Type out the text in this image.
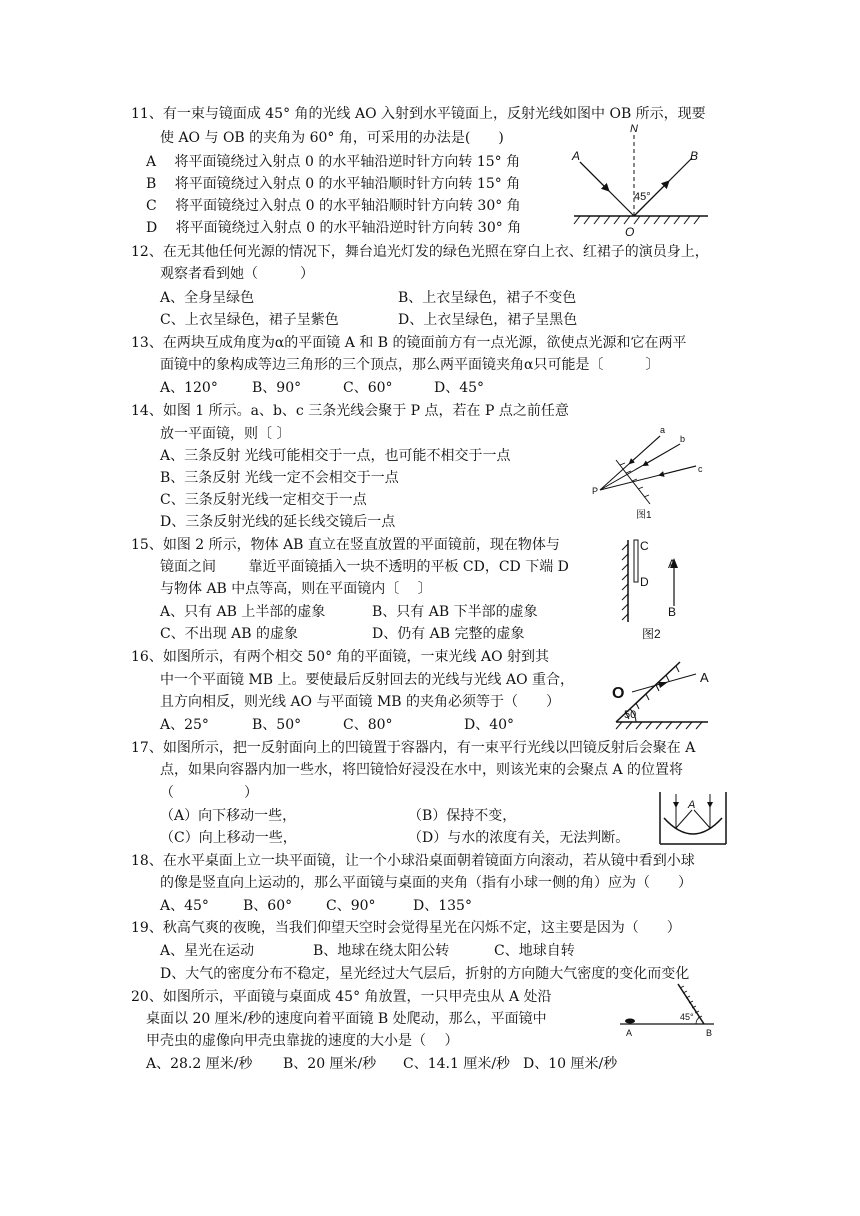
11、有一束与镜面成 45° 角的光线 AO 入射到水平镜面上，反射光线如图中 OB 所示，现要
使 AO 与 OB 的夹角为 60° 角，可采用的办法是(　　)
A　 将平面镜绕过入射点 0 的水平轴沿逆时针方向转 15° 角
B　 将平面镜绕过入射点 0 的水平轴沿顺时针方向转 15° 角
C　 将平面镜绕过入射点 0 的水平轴沿顺时针方向转 30° 角
D　 将平面镜绕过入射点 0 的水平轴沿逆时针方向转 30° 角
N
A	B
45°
O
12、在无其他任何光源的情况下，舞台追光灯发的绿色光照在穿白上衣、红裙子的演员身上，
观察者看到她（　　　）
A、全身呈绿色	B、上衣呈绿色，裙子不变色
C、上衣呈绿色，裙子呈紫色	D、上衣呈绿色，裙子呈黑色
13、在两块互成角度为α的平面镜 A 和 B 的镜面前方有一点光源，欲使点光源和它在两平
面镜中的象构成等边三角形的三个顶点，那么两平面镜夹角α只可能是〔　　　〕
A、120° B、90°	C、60°	D、45°
14、如图 1 所示。a、b、c 三条光线会聚于 P 点，若在 P 点之前任意
放一平面镜，则〔 〕
A、三条反射 光线可能相交于一点，也可能不相交于一点
B、三条反射 光线一定不会相交于一点
C、三条反射光线一定相交于一点
D、三条反射光线的延长线交镜后一点
a
b
c
P
图1
15、如图 2 所示，物体 AB 直立在竖直放置的平面镜前，现在物体与
镜面之间　　 靠近平面镜插入一块不透明的平板 CD，CD 下端 D
与物体 AB 中点等高，则在平面镜内〔　 〕
A、只有 AB 上半部的虚象	B、只有 AB 下半部的虚象
C、不出现 AB 的虚象	D、仍有 AB 完整的虚象
C
D
A
B
图2
16、如图所示，有两个相交 50° 角的平面镜，一束光线 AO 射到其
中一个平面镜 MB 上。要使最后反射回去的光线与光线 AO 重合，
且方向相反，则光线 AO 与平面镜 MB 的夹角必须等于（　　）
A、25°	B、50°	C、80°	D、40°
O
A
50
17、如图所示，把一反射面向上的凹镜置于容器内，有一束平行光线以凹镜反射后会聚在 A
点，如果向容器内加一些水，将凹镜恰好浸没在水中，则该光束的会聚点 A 的位置将
（　　　　　）
（A）向下移动一些，	（B）保持不变，
（C）向上移动一些，	（D）与水的浓度有关，无法判断。
A
18、在水平桌面上立一块平面镜，让一个小球沿桌面朝着镜面方向滚动，若从镜中看到小球
的像是竖直向上运动的，那么平面镜与桌面的夹角（指有小球一侧的角）应为（　　）
A、45° B、60° C、90°	D、135°
19、秋高气爽的夜晚，当我们仰望天空时会觉得星光在闪烁不定，这主要是因为（　　）
A、星光在运动	B、地球在绕太阳公转	C、地球自转
D、大气的密度分布不稳定，星光经过大气层后，折射的方向随大气密度的变化而变化
20、如图所示，平面镜与桌面成 45° 角放置，一只甲壳虫从 A 处沿
桌面以 20 厘米/秒的速度向着平面镜 B 处爬动，那么，平面镜中
甲壳虫的虚像向甲壳虫靠拢的速度的大小是（　 ）
A、28.2 厘米/秒 B、20 厘米/秒 C、14.1 厘米/秒 D、10 厘米/秒
45°
A	B
